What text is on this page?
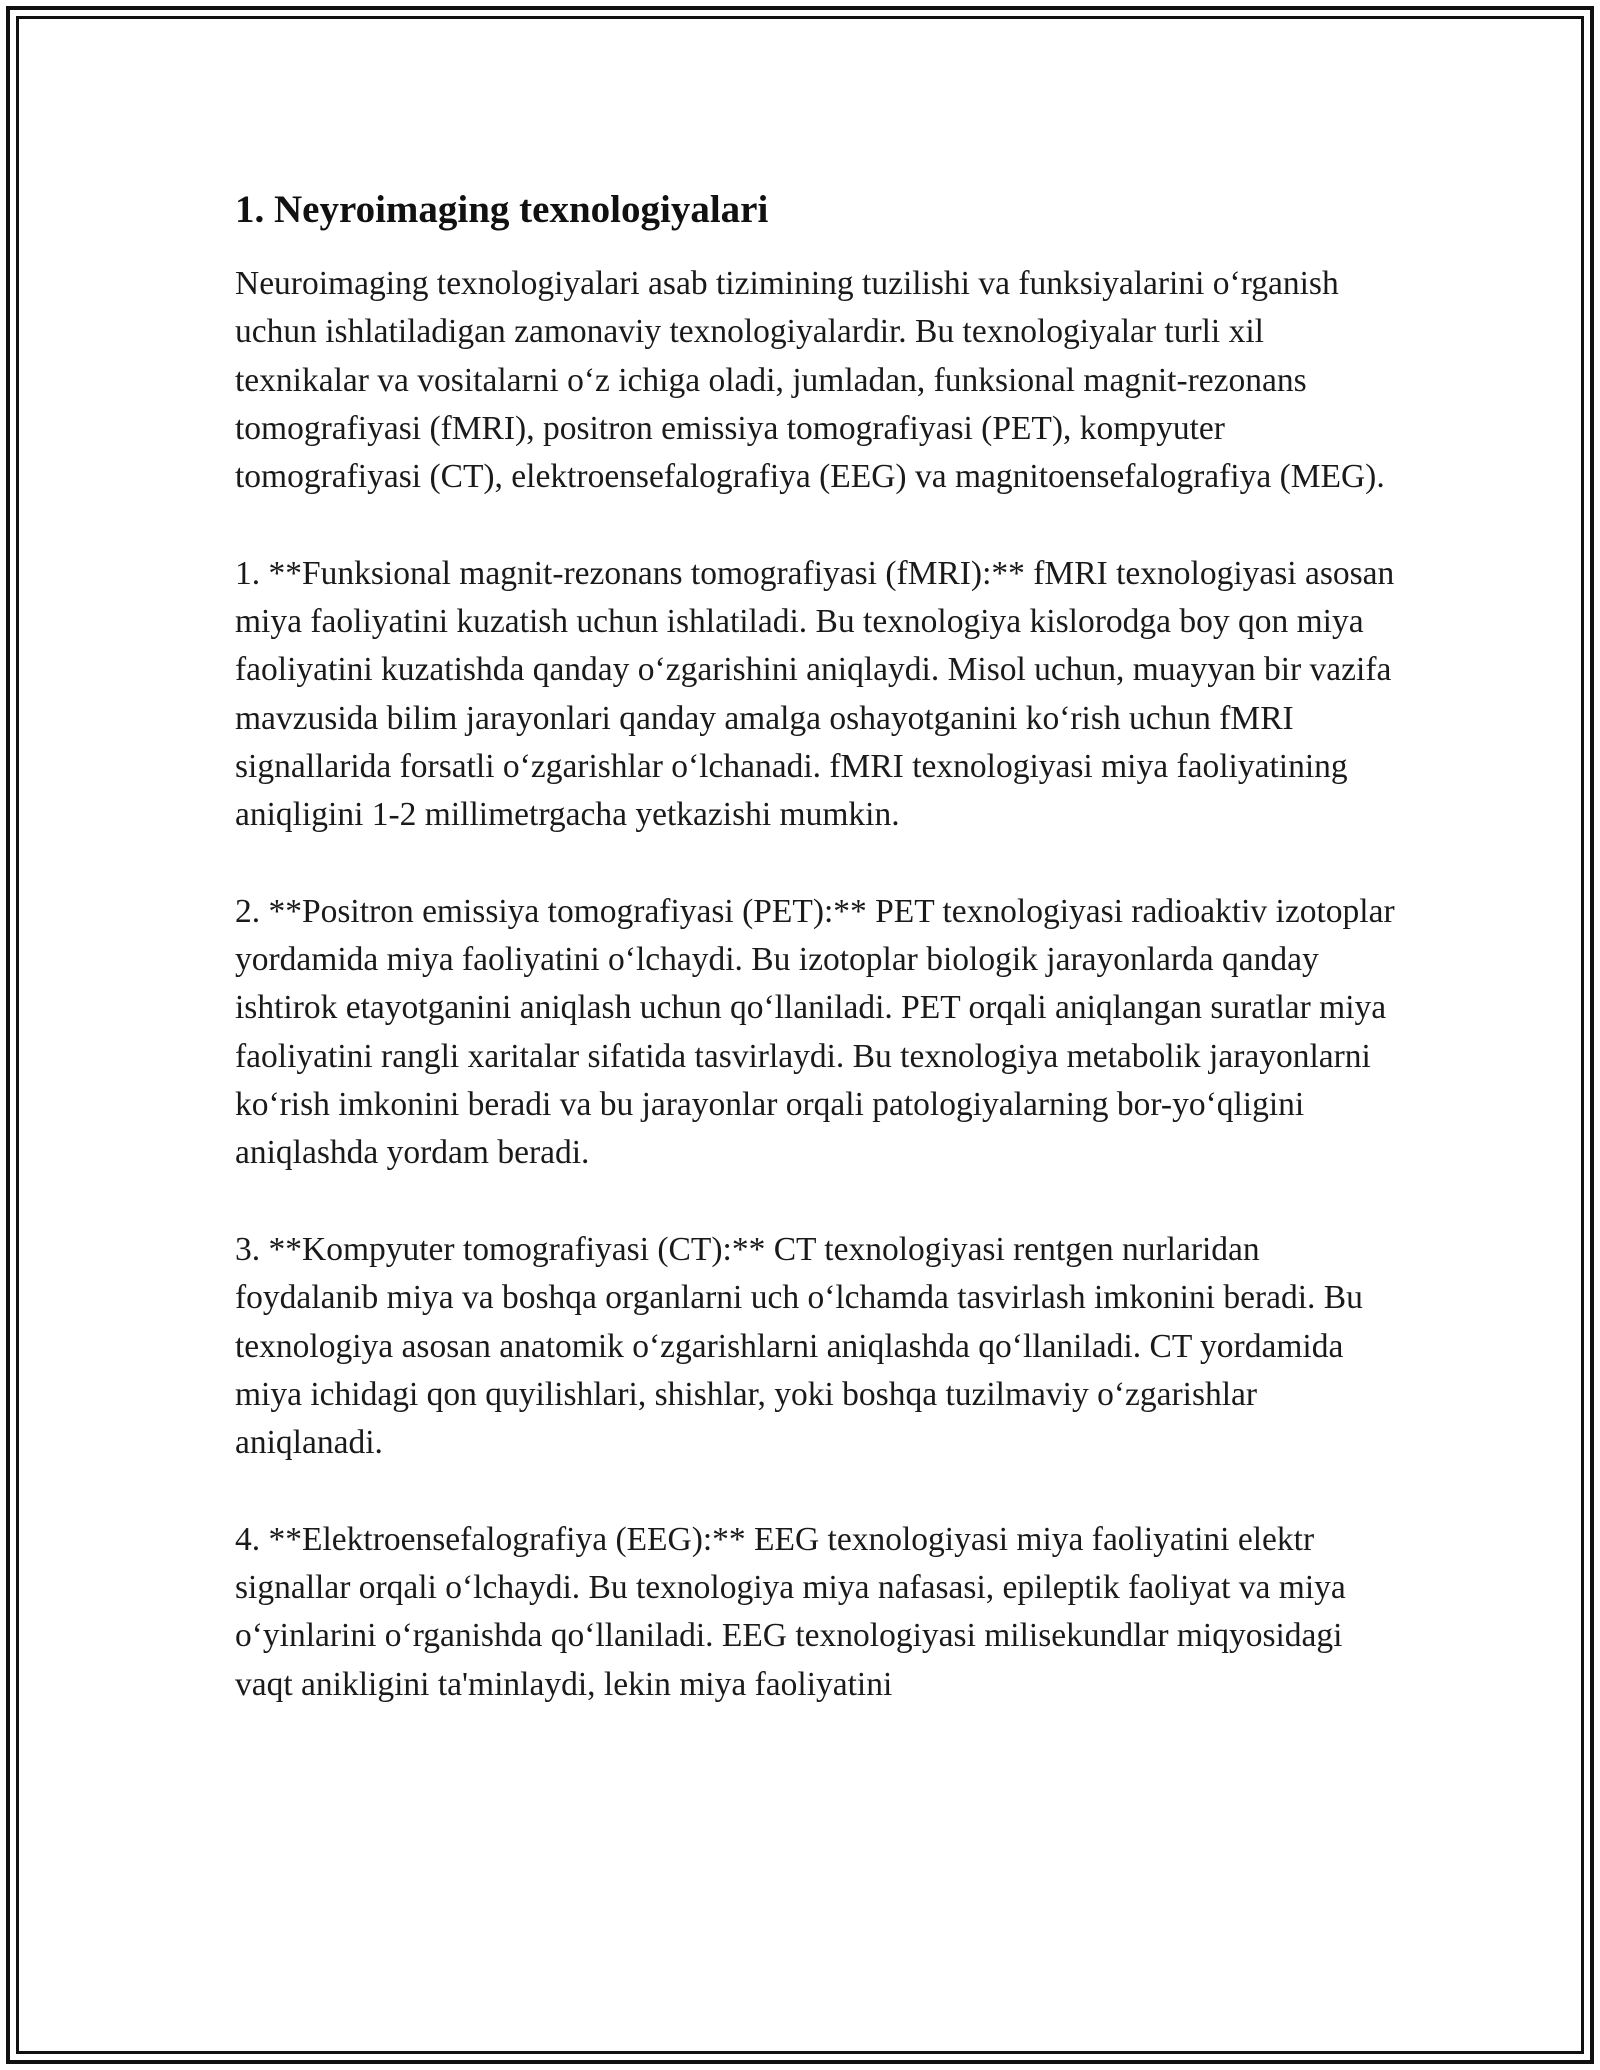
1. Neyroimaging texnologiyalari

Neuroimaging texnologiyalari asab tizimining tuzilishi va funksiyalarini o‘rganish uchun ishlatiladigan zamonaviy texnologiyalardir. Bu texnologiyalar turli xil texnikalar va vositalarni o‘z ichiga oladi, jumladan, funksional magnit-rezonans tomografiyasi (fMRI), positron emissiya tomografiyasi (PET), kompyuter tomografiyasi (CT), elektroensefalografiya (EEG) va magnitoensefalografiya (MEG).

1. **Funksional magnit-rezonans tomografiyasi (fMRI):** fMRI texnologiyasi asosan miya faoliyatini kuzatish uchun ishlatiladi. Bu texnologiya kislorodga boy qon miya faoliyatini kuzatishda qanday o‘zgarishini aniqlaydi. Misol uchun, muayyan bir vazifa mavzusida bilim jarayonlari qanday amalga oshayotganini ko‘rish uchun fMRI signallarida forsatli o‘zgarishlar o‘lchanadi. fMRI texnologiyasi miya faoliyatining aniqligini 1-2 millimetrgacha yetkazishi mumkin.

2. **Positron emissiya tomografiyasi (PET):** PET texnologiyasi radioaktiv izotoplar yordamida miya faoliyatini o‘lchaydi. Bu izotoplar biologik jarayonlarda qanday ishtirok etayotganini aniqlash uchun qo‘llaniladi. PET orqali aniqlangan suratlar miya faoliyatini rangli xaritalar sifatida tasvirlaydi. Bu texnologiya metabolik jarayonlarni ko‘rish imkonini beradi va bu jarayonlar orqali patologiyalarning bor-yo‘qligini aniqlashda yordam beradi.

3. **Kompyuter tomografiyasi (CT):** CT texnologiyasi rentgen nurlaridan foydalanib miya va boshqa organlarni uch o‘lchamda tasvirlash imkonini beradi. Bu texnologiya asosan anatomik o‘zgarishlarni aniqlashda qo‘llaniladi. CT yordamida miya ichidagi qon quyilishlari, shishlar, yoki boshqa tuzilmaviy o‘zgarishlar aniqlanadi.

4. **Elektroensefalografiya (EEG):** EEG texnologiyasi miya faoliyatini elektr signallar orqali o‘lchaydi. Bu texnologiya miya nafasasi, epileptik faoliyat va miya o‘yinlarini o‘rganishda qo‘llaniladi. EEG texnologiyasi milisekundlar miqyosidagi vaqt anikligini ta'minlaydi, lekin miya faoliyatini
